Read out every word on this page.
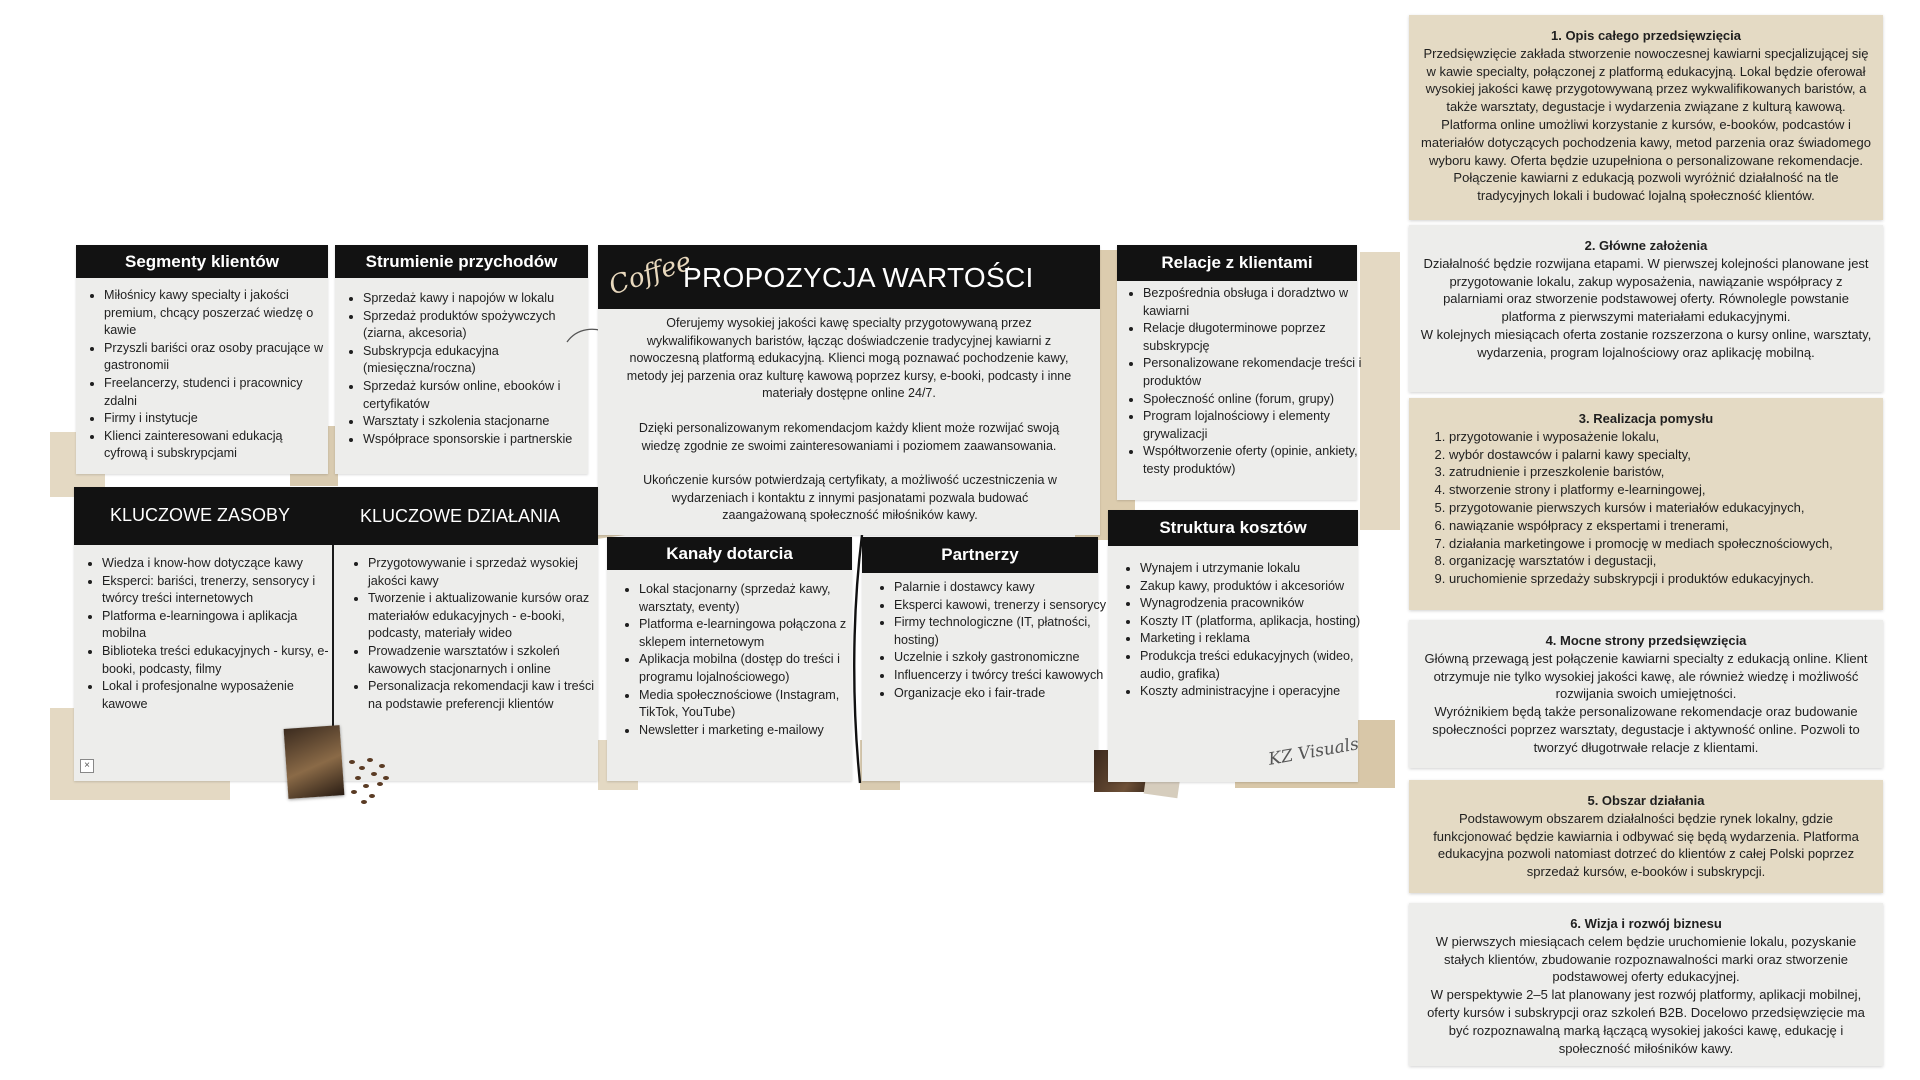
Segmenty klientów
• Miłośnicy kawy specialty i jakości premium, chcący poszerzać wiedzę o kawie
• Przyszli bariści oraz osoby pracujące w gastronomii
• Freelancerzy, studenci i pracownicy zdalni
• Firmy i instytucje
• Klienci zainteresowani edukacją cyfrową i subskrypcjami
Strumienie przychodów
• Sprzedaż kawy i napojów w lokalu
• Sprzedaż produktów spożywczych (ziarna, akcesoria)
• Subskrypcja edukacyjna (miesięczna/roczna)
• Sprzedaż kursów online, ebooków i certyfikatów
• Warsztaty i szkolenia stacjonarne
• Współprace sponsorskie i partnerskie
Coffee
PROPOZYCJA WARTOŚCI
Oferujemy wysokiej jakości kawę specialty przygotowywaną przez wykwalifikowanych baristów, łącząc doświadczenie tradycyjnej kawiarni z nowoczesną platformą edukacyjną. Klienci mogą poznawać pochodzenie kawy, metody jej parzenia oraz kulturę kawową poprzez kursy, e-booki, podcasty i inne materiały dostępne online 24/7.
Dzięki personalizowanym rekomendacjom każdy klient może rozwijać swoją wiedzę zgodnie ze swoimi zainteresowaniami i poziomem zaawansowania.
Ukończenie kursów potwierdzają certyfikaty, a możliwość uczestniczenia w wydarzeniach i kontaktu z innymi pasjonatami pozwala budować zaangażowaną społeczność miłośników kawy.
Relacje z klientami
• Bezpośrednia obsługa i doradztwo w kawiarni
• Relacje długoterminowe poprzez subskrypcję
• Personalizowane rekomendacje treści i produktów
• Społeczność online (forum, grupy)
• Program lojalnościowy i elementy grywalizacji
• Współtworzenie oferty (opinie, ankiety, testy produktów)
KLUCZOWE ZASOBY	KLUCZOWE DZIAŁANIA
• Wiedza i know-how dotyczące kawy
• Eksperci: bariści, trenerzy, sensorycy i twórcy treści internetowych
• Platforma e-learningowa i aplikacja mobilna
• Biblioteka treści edukacyjnych - kursy, e-booki, podcasty, filmy
• Lokal i profesjonalne wyposażenie kawowe
• Przygotowywanie i sprzedaż wysokiej jakości kawy
• Tworzenie i aktualizowanie kursów oraz materiałów edukacyjnych - e-booki, podcasty, materiały wideo
• Prowadzenie warsztatów i szkoleń kawowych stacjonarnych i online
• Personalizacja rekomendacji kaw i treści na podstawie preferencji klientów
×
Kanały dotarcia
• Lokal stacjonarny (sprzedaż kawy, warsztaty, eventy)
• Platforma e-learningowa połączona z sklepem internetowym
• Aplikacja mobilna (dostęp do treści i programu lojalnościowego)
• Media społecznościowe (Instagram, TikTok, YouTube)
• Newsletter i marketing e-mailowy
Partnerzy
• Palarnie i dostawcy kawy
• Eksperci kawowi, trenerzy i sensorycy
• Firmy technologiczne (IT, płatności, hosting)
• Uczelnie i szkoły gastronomiczne
• Influencerzy i twórcy treści kawowych
• Organizacje eko i fair-trade
Struktura kosztów
• Wynajem i utrzymanie lokalu
• Zakup kawy, produktów i akcesoriów
• Wynagrodzenia pracowników
• Koszty IT (platforma, aplikacja, hosting)
• Marketing i reklama
• Produkcja treści edukacyjnych (wideo, audio, grafika)
• Koszty administracyjne i operacyjne
KZ Visuals
1. Opis całego przedsięwzięcia
Przedsięwzięcie zakłada stworzenie nowoczesnej kawiarni specjalizującej się w kawie specialty, połączonej z platformą edukacyjną. Lokal będzie oferował wysokiej jakości kawę przygotowywaną przez wykwalifikowanych baristów, a także warsztaty, degustacje i wydarzenia związane z kulturą kawową. Platforma online umożliwi korzystanie z kursów, e-booków, podcastów i materiałów dotyczących pochodzenia kawy, metod parzenia oraz świadomego wyboru kawy. Oferta będzie uzupełniona o personalizowane rekomendacje. Połączenie kawiarni z edukacją pozwoli wyróżnić działalność na tle tradycyjnych lokali i budować lojalną społeczność klientów.
2. Główne założenia
Działalność będzie rozwijana etapami. W pierwszej kolejności planowane jest przygotowanie lokalu, zakup wyposażenia, nawiązanie współpracy z palarniami oraz stworzenie podstawowej oferty. Równolegle powstanie platforma z pierwszymi materiałami edukacyjnymi.
W kolejnych miesiącach oferta zostanie rozszerzona o kursy online, warsztaty, wydarzenia, program lojalnościowy oraz aplikację mobilną.
3. Realizacja pomysłu
1. przygotowanie i wyposażenie lokalu,
2. wybór dostawców i palarni kawy specialty,
3. zatrudnienie i przeszkolenie baristów,
4. stworzenie strony i platformy e-learningowej,
5. przygotowanie pierwszych kursów i materiałów edukacyjnych,
6. nawiązanie współpracy z ekspertami i trenerami,
7. działania marketingowe i promocję w mediach społecznościowych,
8. organizację warsztatów i degustacji,
9. uruchomienie sprzedaży subskrypcji i produktów edukacyjnych.
4. Mocne strony przedsięwzięcia
Główną przewagą jest połączenie kawiarni specialty z edukacją online. Klient otrzymuje nie tylko wysokiej jakości kawę, ale również wiedzę i możliwość rozwijania swoich umiejętności.
Wyróżnikiem będą także personalizowane rekomendacje oraz budowanie społeczności poprzez warsztaty, degustacje i aktywność online. Pozwoli to tworzyć długotrwałe relacje z klientami.
5. Obszar działania
Podstawowym obszarem działalności będzie rynek lokalny, gdzie funkcjonować będzie kawiarnia i odbywać się będą wydarzenia. Platforma edukacyjna pozwoli natomiast dotrzeć do klientów z całej Polski poprzez sprzedaż kursów, e-booków i subskrypcji.
6. Wizja i rozwój biznesu
W pierwszych miesiącach celem będzie uruchomienie lokalu, pozyskanie stałych klientów, zbudowanie rozpoznawalności marki oraz stworzenie podstawowej oferty edukacyjnej.
W perspektywie 2–5 lat planowany jest rozwój platformy, aplikacji mobilnej, oferty kursów i subskrypcji oraz szkoleń B2B. Docelowo przedsięwzięcie ma być rozpoznawalną marką łączącą wysokiej jakości kawę, edukację i społeczność miłośników kawy.
